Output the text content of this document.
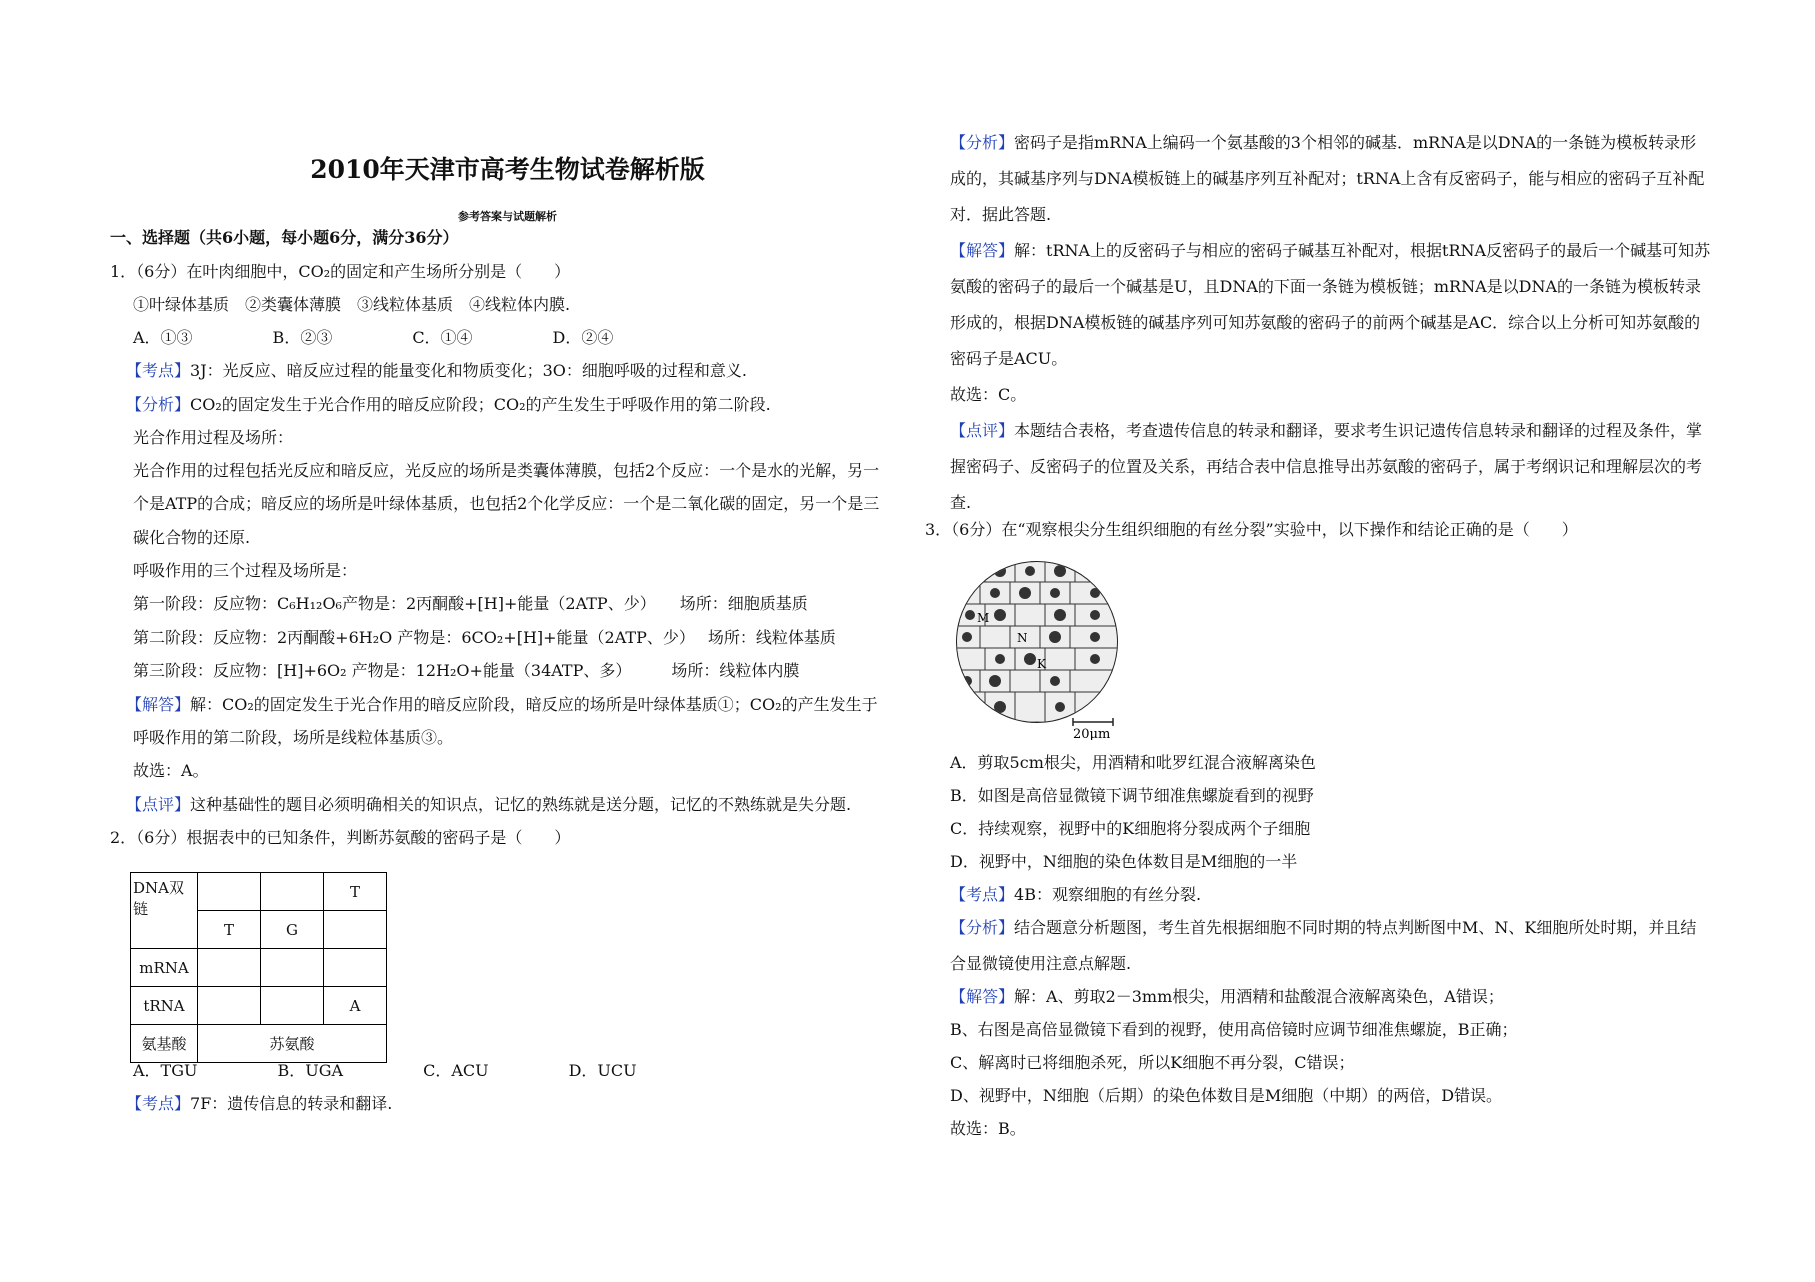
2010年天津市高考生物试卷解析版
参考答案与试题解析
DNA双链			T
	T	G	
mRNA			
tRNA			A
氨基酸	苏氨酸		
M
N
K
20μm
一、选择题（共6小题，每小题6分，满分36分）
1．（6分）在叶肉细胞中，CO₂的固定和产生场所分别是（　　）
①叶绿体基质　②类囊体薄膜　③线粒体基质　④线粒体内膜.
A．①③　　　　　B．②③　　　　　C．①④　　　　　D．②④
【考点】3J：光反应、暗反应过程的能量变化和物质变化；3O：细胞呼吸的过程和意义.
【分析】CO₂的固定发生于光合作用的暗反应阶段；CO₂的产生发生于呼吸作用的第二阶段.
光合作用过程及场所：
光合作用的过程包括光反应和暗反应，光反应的场所是类囊体薄膜，包括2个反应：一个是水的光解，另一
个是ATP的合成；暗反应的场所是叶绿体基质，也包括2个化学反应：一个是二氧化碳的固定，另一个是三
碳化合物的还原.
呼吸作用的三个过程及场所是：
第一阶段：反应物：C₆H₁₂O₆产物是：2丙酮酸+[H]+能量（2ATP、少）　　场所：细胞质基质
第二阶段：反应物：2丙酮酸+6H₂O 产物是：6CO₂+[H]+能量（2ATP、少）　 场所：线粒体基质
第三阶段：反应物：[H]+6O₂ 产物是：12H₂O+能量（34ATP、多）　　　场所：线粒体内膜
【解答】解：CO₂的固定发生于光合作用的暗反应阶段，暗反应的场所是叶绿体基质①；CO₂的产生发生于
呼吸作用的第二阶段，场所是线粒体基质③。
故选：A。
【点评】这种基础性的题目必须明确相关的知识点，记忆的熟练就是送分题，记忆的不熟练就是失分题.
2．（6分）根据表中的已知条件，判断苏氨酸的密码子是（　　）
A．TGU　　　　　B．UGA　　　　　C．ACU　　　　　D．UCU
【考点】7F：遗传信息的转录和翻译.
【分析】密码子是指mRNA上编码一个氨基酸的3个相邻的碱基．mRNA是以DNA的一条链为模板转录形
成的，其碱基序列与DNA模板链上的碱基序列互补配对；tRNA上含有反密码子，能与相应的密码子互补配
对．据此答题.
【解答】解：tRNA上的反密码子与相应的密码子碱基互补配对，根据tRNA反密码子的最后一个碱基可知苏
氨酸的密码子的最后一个碱基是U，且DNA的下面一条链为模板链；mRNA是以DNA的一条链为模板转录
形成的，根据DNA模板链的碱基序列可知苏氨酸的密码子的前两个碱基是AC．综合以上分析可知苏氨酸的
密码子是ACU。
故选：C。
【点评】本题结合表格，考查遗传信息的转录和翻译，要求考生识记遗传信息转录和翻译的过程及条件，掌
握密码子、反密码子的位置及关系，再结合表中信息推导出苏氨酸的密码子，属于考纲识记和理解层次的考
查.
3．（6分）在“观察根尖分生组织细胞的有丝分裂”实验中，以下操作和结论正确的是（　　）
A．剪取5cm根尖，用酒精和吡罗红混合液解离染色
B．如图是高倍显微镜下调节细准焦螺旋看到的视野
C．持续观察，视野中的K细胞将分裂成两个子细胞
D．视野中，N细胞的染色体数目是M细胞的一半
【考点】4B：观察细胞的有丝分裂.
【分析】结合题意分析题图，考生首先根据细胞不同时期的特点判断图中M、N、K细胞所处时期，并且结
合显微镜使用注意点解题.
【解答】解：A、剪取2－3mm根尖，用酒精和盐酸混合液解离染色，A错误；
B、右图是高倍显微镜下看到的视野，使用高倍镜时应调节细准焦螺旋，B正确；
C、解离时已将细胞杀死，所以K细胞不再分裂，C错误；
D、视野中，N细胞（后期）的染色体数目是M细胞（中期）的两倍，D错误。
故选：B。
